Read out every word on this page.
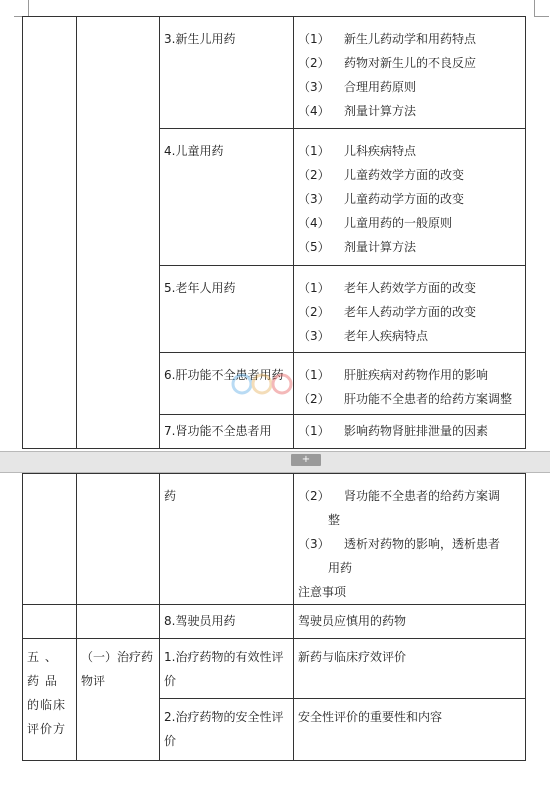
		3.新生儿用药	（1） 新生儿药动学和用药特点
（2） 药物对新生儿的不良反应
（3） 合理用药原则
（4） 剂量计算方法

		4.儿童用药	（1） 儿科疾病特点
（2） 儿童药效学方面的改变
（3） 儿童药动学方面的改变
（4） 儿童用药的一般原则
（5） 剂量计算方法

		5.老年人用药	（1） 老年人药效学方面的改变
（2） 老年人药动学方面的改变
（3） 老年人疾病特点

		6.肝功能不全患者用药	（1） 肝脏疾病对药物作用的影响
（2） 肝功能不全患者的给药方案调整

		7.肾功能不全患者用	（1） 影响药物肾脏排泄量的因素
+
		药	（2） 肾功能不全患者的给药方案调
整
（3） 透析对药物的影响，透析患者
用药
注意事项

		8.驾驶员用药	驾驶员应慎用的药物
五 、 药 品 的临床评价方	（一）治疗药物评	1.治疗药物的有效性评价	新药与临床疗效评价
		2.治疗药物的安全性评价	安全性评价的重要性和内容
